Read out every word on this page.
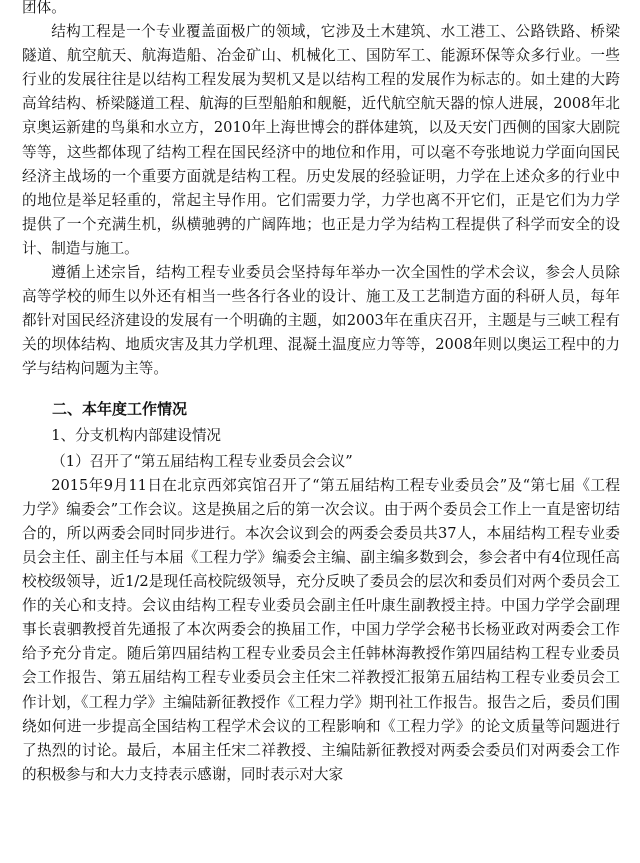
团体。

结构工程是一个专业覆盖面极广的领域，它涉及土木建筑、水工港工、公路铁路、桥梁隧道、航空航天、航海造船、冶金矿山、机械化工、国防军工、能源环保等众多行业。一些行业的发展往往是以结构工程发展为契机又是以结构工程的发展作为标志的。如土建的大跨高耸结构、桥梁隧道工程、航海的巨型船舶和舰艇，近代航空航天器的惊人进展，2008年北京奥运新建的鸟巢和水立方，2010年上海世博会的群体建筑，以及天安门西侧的国家大剧院等等，这些都体现了结构工程在国民经济中的地位和作用，可以毫不夸张地说力学面向国民经济主战场的一个重要方面就是结构工程。历史发展的经验证明，力学在上述众多的行业中的地位是举足轻重的，常起主导作用。它们需要力学，力学也离不开它们，正是它们为力学提供了一个充满生机，纵横驰骋的广阔阵地；也正是力学为结构工程提供了科学而安全的设计、制造与施工。

遵循上述宗旨，结构工程专业委员会坚持每年举办一次全国性的学术会议，参会人员除高等学校的师生以外还有相当一些各行各业的设计、施工及工艺制造方面的科研人员，每年都针对国民经济建设的发展有一个明确的主题，如2003年在重庆召开，主题是与三峡工程有关的坝体结构、地质灾害及其力学机理、混凝土温度应力等等，2008年则以奥运工程中的力学与结构问题为主等。

二、本年度工作情况

1、分支机构内部建设情况

（1）召开了“第五届结构工程专业委员会会议”

2015年9月11日在北京西郊宾馆召开了“第五届结构工程专业委员会”及“第七届《工程力学》编委会”工作会议。这是换届之后的第一次会议。由于两个委员会工作上一直是密切结合的，所以两委会同时同步进行。本次会议到会的两委会委员共37人，本届结构工程专业委员会主任、副主任与本届《工程力学》编委会主编、副主编多数到会，参会者中有4位现任高校校级领导，近1/2是现任高校院级领导，充分反映了委员会的层次和委员们对两个委员会工作的关心和支持。会议由结构工程专业委员会副主任叶康生副教授主持。中国力学学会副理事长袁驷教授首先通报了本次两委会的换届工作，中国力学学会秘书长杨亚政对两委会工作给予充分肯定。随后第四届结构工程专业委员会主任韩林海教授作第四届结构工程专业委员会工作报告、第五届结构工程专业委员会主任宋二祥教授汇报第五届结构工程专业委员会工作计划，《工程力学》主编陆新征教授作《工程力学》期刊社工作报告。报告之后，委员们围绕如何进一步提高全国结构工程学术会议的工程影响和《工程力学》的论文质量等问题进行了热烈的讨论。最后，本届主任宋二祥教授、主编陆新征教授对两委会委员们对两委会工作的积极参与和大力支持表示感谢，同时表示对大家
